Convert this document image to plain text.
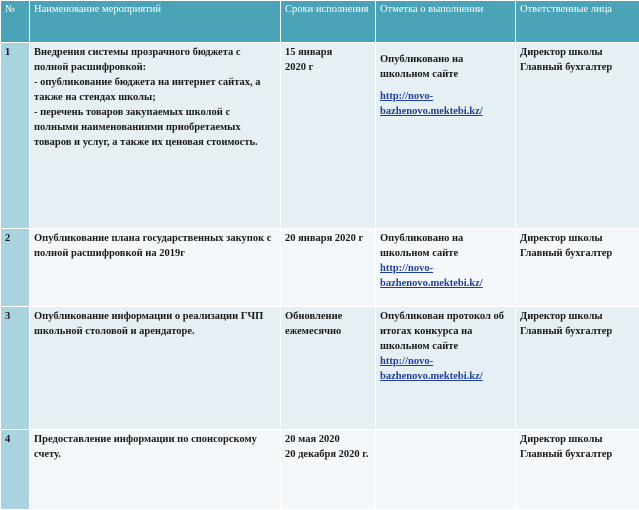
№	Наименование мероприятий	Сроки исполнения	Отметка о выполнении	Ответственные лица
1	Внедрения системы прозрачного бюджета с полной расшифровкой:
- опубликование бюджета на интернет сайтах, а также на стендах школы;
- перечень товаров закупаемых школой с полными наименованиями приобретаемых товаров и услуг, а также их ценовая стоимость.	15 января
2020 г	Опубликовано на школьном сайте
http://novo-bazhenovo.mektebi.kz/	Директор школы
Главный бухгалтер
2	Опубликование плана государственных закупок с полной расшифровкой на 2019г	20 января 2020 г	Опубликовано на школьном сайте
http://novo-bazhenovo.mektebi.kz/	Директор школы
Главный бухгалтер
3	Опубликование информации о реализации ГЧП школьной столовой и арендаторе.	Обновление ежемесячно	Опубликован протокол об итогах конкурса на школьном сайте
http://novo-bazhenovo.mektebi.kz/	Директор школы
Главный бухгалтер
4	Предоставление информации по спонсорскому счету.	20 мая 2020
20 декабря 2020 г.		Директор школы
Главный бухгалтер
